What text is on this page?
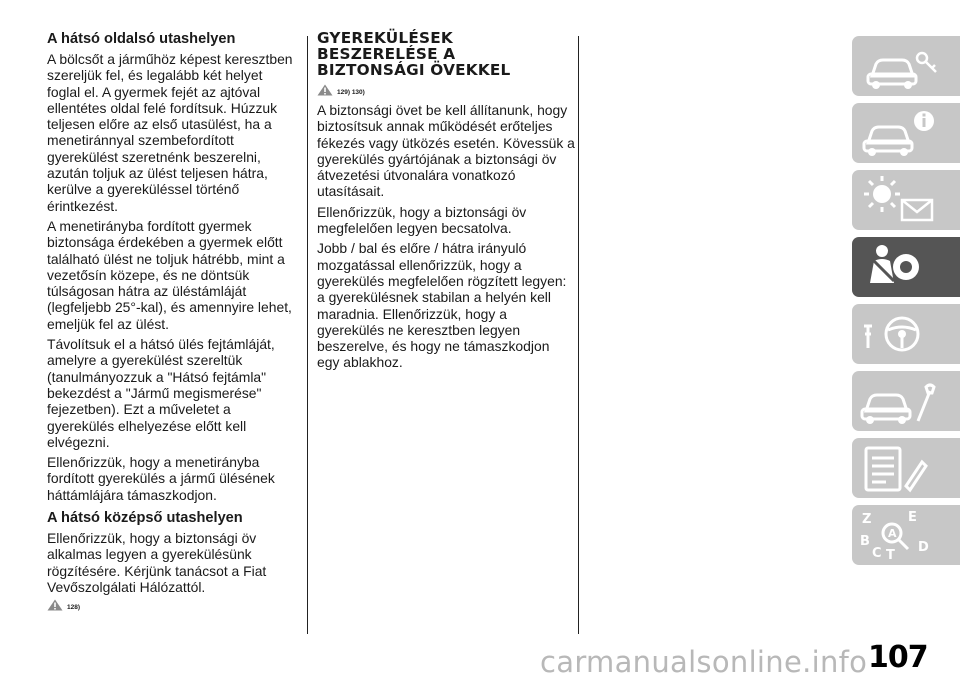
A hátsó oldalsó utashelyen

A bölcsőt a járműhöz képest keresztben szereljük fel, és legalább két helyet foglal el. A gyermek fejét az ajtóval ellentétes oldal felé fordítsuk. Húzzuk teljesen előre az első utasülést, ha a menetiránnyal szembefordított gyerekülést szeretnénk beszerelni, azután toljuk az ülést teljesen hátra, kerülve a gyereküléssel történő érintkezést.

A menetirányba fordított gyermek biztonsága érdekében a gyermek előtt található ülést ne toljuk hátrébb, mint a vezetősín közepe, és ne döntsük túlságosan hátra az üléstámláját (legfeljebb 25°-kal), és amennyire lehet, emeljük fel az ülést.

Távolítsuk el a hátsó ülés fejtámláját, amelyre a gyerekülést szereltük (tanulmányozzuk a "Hátsó fejtámla" bekezdést a "Jármű megismerése" fejezetben). Ezt a műveletet a gyerekülés elhelyezése előtt kell elvégezni.

Ellenőrizzük, hogy a menetirányba fordított gyerekülés a jármű ülésének háttámlájára támaszkodjon.

A hátsó középső utashelyen

Ellenőrizzük, hogy a biztonsági öv alkalmas legyen a gyerekülésünk rögzítésére. Kérjünk tanácsot a Fiat Vevőszolgálati Hálózattól.

128)
GYEREKÜLÉSEK BESZERELÉSE A BIZTONSÁGI ÖVEKKEL
129) 130)

A biztonsági övet be kell állítanunk, hogy biztosítsuk annak működését erőteljes fékezés vagy ütközés esetén. Kövessük a gyerekülés gyártójának a biztonsági öv átvezetési útvonalára vonatkozó utasításait.

Ellenőrizzük, hogy a biztonsági öv megfelelően legyen becsatolva.

Jobb / bal és előre / hátra irányuló mozgatással ellenőrizzük, hogy a gyerekülés megfelelően rögzített legyen: a gyerekülésnek stabilan a helyén kell maradnia. Ellenőrizzük, hogy a gyerekülés ne keresztben legyen beszerelve, és hogy ne támaszkodjon egy ablakhoz.

Z	E
B
C T
D
A
carmanualsonline.info 107
